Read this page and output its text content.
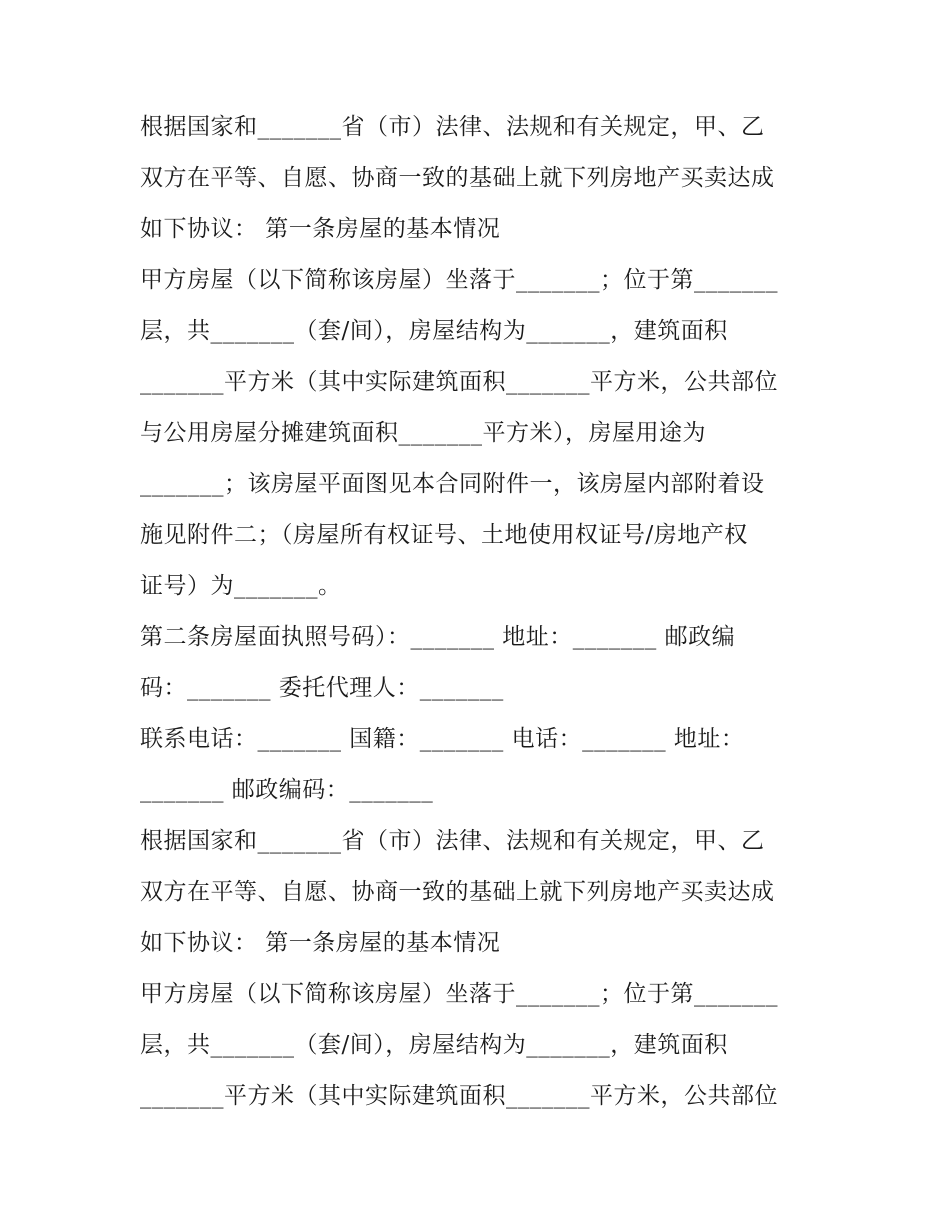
根据国家和_______省（市）法律、法规和有关规定，甲、乙
双方在平等、自愿、协商一致的基础上就下列房地产买卖达成
如下协议： 第一条房屋的基本情况
甲方房屋（以下简称该房屋）坐落于_______；位于第_______
层，共_______（套/间），房屋结构为_______，建筑面积
_______平方米（其中实际建筑面积_______平方米，公共部位
与公用房屋分摊建筑面积_______平方米），房屋用途为
_______；该房屋平面图见本合同附件一，该房屋内部附着设
施见附件二；（房屋所有权证号、土地使用权证号/房地产权
证号）为_______。
第二条房屋面执照号码）：_______ 地址：_______ 邮政编
码：_______ 委托代理人：_______
联系电话：_______ 国籍：_______ 电话：_______ 地址：
_______ 邮政编码：_______
根据国家和_______省（市）法律、法规和有关规定，甲、乙
双方在平等、自愿、协商一致的基础上就下列房地产买卖达成
如下协议： 第一条房屋的基本情况
甲方房屋（以下简称该房屋）坐落于_______；位于第_______
层，共_______（套/间），房屋结构为_______，建筑面积
_______平方米（其中实际建筑面积_______平方米，公共部位
